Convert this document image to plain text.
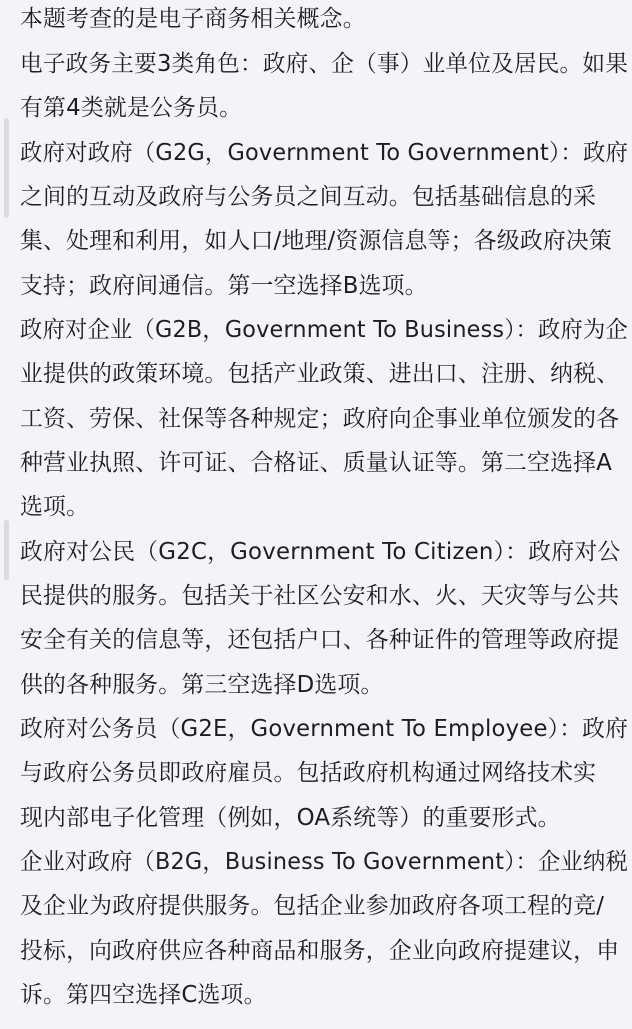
本题考查的是电子商务相关概念。
电子政务主要3类角色：政府、企（事）业单位及居民。如果
有第4类就是公务员。
政府对政府（G2G，Government To Government）：政府
之间的互动及政府与公务员之间互动。包括基础信息的采
集、处理和利用，如人口/地理/资源信息等；各级政府决策
支持；政府间通信。第一空选择B选项。
政府对企业（G2B，Government To Business）：政府为企
业提供的政策环境。包括产业政策、进出口、注册、纳税、
工资、劳保、社保等各种规定；政府向企事业单位颁发的各
种营业执照、许可证、合格证、质量认证等。第二空选择A
选项。
政府对公民（G2C，Government To Citizen）：政府对公
民提供的服务。包括关于社区公安和水、火、天灾等与公共
安全有关的信息等，还包括户口、各种证件的管理等政府提
供的各种服务。第三空选择D选项。
政府对公务员（G2E，Government To Employee）：政府
与政府公务员即政府雇员。包括政府机构通过网络技术实
现内部电子化管理（例如，OA系统等）的重要形式。
企业对政府（B2G，Business To Government）：企业纳税
及企业为政府提供服务。包括企业参加政府各项工程的竞/
投标，向政府供应各种商品和服务，企业向政府提建议，申
诉。第四空选择C选项。
